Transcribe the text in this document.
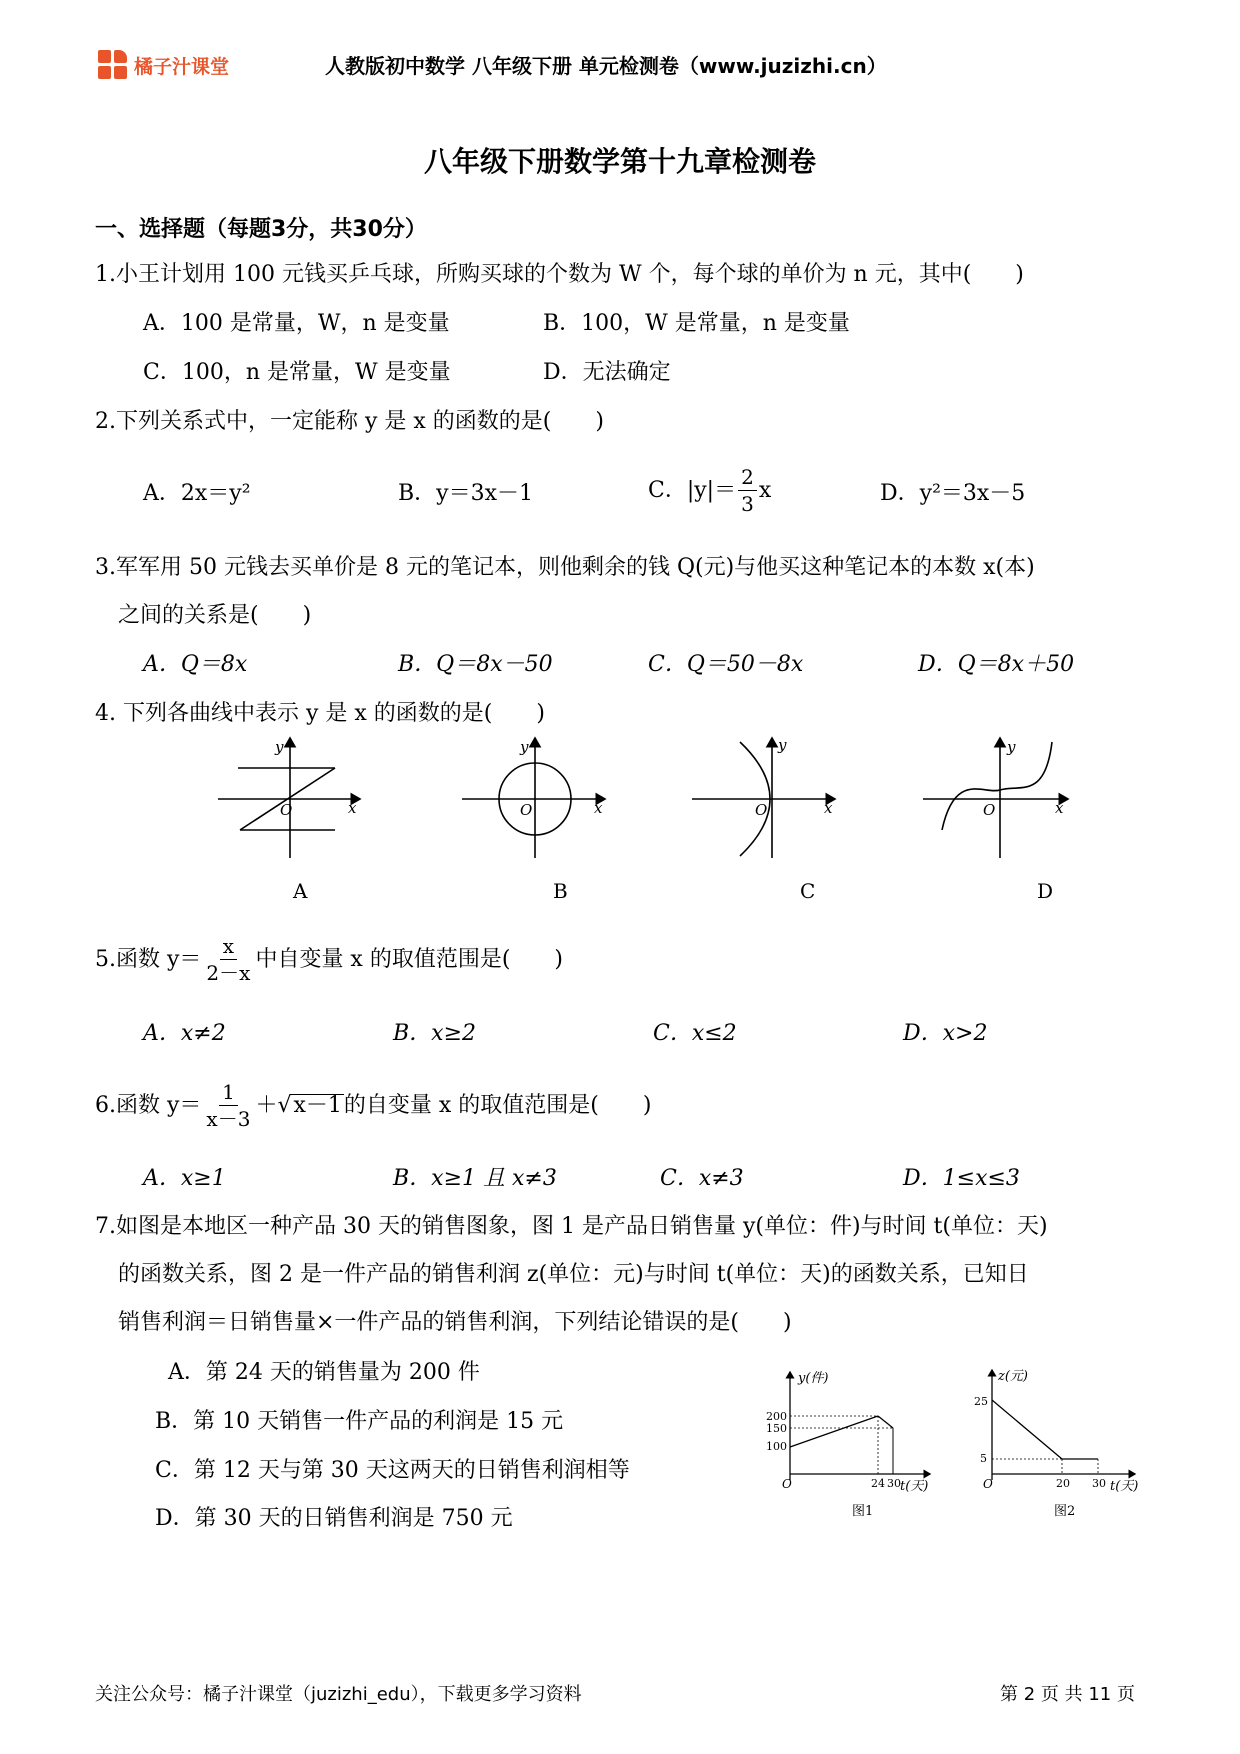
橘子汁课堂	人教版初中数学 八年级下册 单元检测卷（www.juzizhi.cn）
八年级下册数学第十九章检测卷
一、选择题（每题3分，共30分）
1.小王计划用 100 元钱买乒乓球，所购买球的个数为 W 个，每个球的单价为 n 元，其中(　　)
A．100 是常量，W，n 是变量	B．100，W 是常量，n 是变量
C．100，n 是常量，W 是变量	D．无法确定
2.下列关系式中，一定能称 y 是 x 的函数的是(　　)
A．2x＝y²	B．y＝3x－1	C．$|y|= \frac{2}{3}$ x	D．y²＝3x－5
3.军军用 50 元钱去买单价是 8 元的笔记本，则他剩余的钱 Q(元)与他买这种笔记本的本数 x(本)
之间的关系是(　　)
A．Q＝8x	B．Q＝8x－50	C．Q＝50－8x	D．Q＝8x＋50
4. 下列各曲线中表示 y 是 x 的函数的是(　　)
y
x
O
A
y
x
O
B
y
x
O
C
y
x
O
D
5.函数 $y= \frac{x}{2-x}$ 中自变量 x 的取值范围是(　　)
A．x≠2	B．x≥2	C．x≤2	D．x>2
6.函数 $y= \frac{1}{x-3}$ ＋√ x－1 的自变量 x 的取值范围是(　　)
A．x≥1	B．x≥1 且 x≠3	C．x≠3	D．1≤x≤3
7.如图是本地区一种产品 30 天的销售图象，图 1 是产品日销售量 y(单位：件)与时间 t(单位：天)
的函数关系，图 2 是一件产品的销售利润 z(单位：元)与时间 t(单位：天)的函数关系，已知日
销售利润＝日销售量×一件产品的销售利润，下列结论错误的是(　　)
A．第 24 天的销售量为 200 件
B．第 10 天销售一件产品的利润是 15 元
C．第 12 天与第 30 天这两天的日销售利润相等
D．第 30 天的日销售利润是 750 元
y(件)
200
150
100
O	24 30 t(天)
图1
z(元)
25
5
O	20 30 t(天)
图2
关注公众号：橘子汁课堂（juzizhi_edu），下载更多学习资料	第 2 页 共 11 页
